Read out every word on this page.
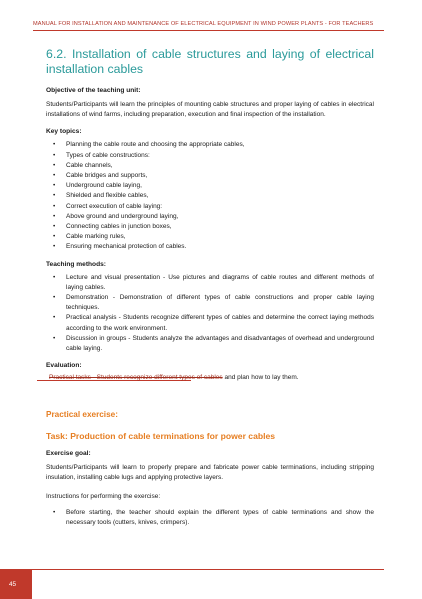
MANUAL FOR INSTALLATION AND MAINTENANCE OF ELECTRICAL EQUIPMENT IN WIND POWER PLANTS - FOR TEACHERS
6.2. Installation of cable structures and laying of electrical installation cables
Objective of the teaching unit:

Students/Participants will learn the principles of mounting cable structures and proper laying of cables in electrical installations of wind farms, including preparation, execution and final inspection of the installation.

Key topics:
• Planning the cable route and choosing the appropriate cables,
• Types of cable constructions:
• Cable channels,
• Cable bridges and supports,
• Underground cable laying,
• Shielded and flexible cables,
• Correct execution of cable laying:
• Above ground and underground laying,
• Connecting cables in junction boxes,
• Cable marking rules,
• Ensuring mechanical protection of cables.
Teaching methods:
• Lecture and visual presentation - Use pictures and diagrams of cable routes and different methods of laying cables.
• Demonstration - Demonstration of different types of cable constructions and proper cable laying techniques.
• Practical analysis - Students recognize different types of cables and determine the correct laying methods according to the work environment.
• Discussion in groups - Students analyze the advantages and disadvantages of overhead and underground cable laying.
Evaluation:
Practical tasks - Students recognize different types of cables and plan how to lay them.
Practical exercise:
Task: Production of cable terminations for power cables
Exercise goal:

Students/Participants will learn to properly prepare and fabricate power cable terminations, including stripping insulation, installing cable lugs and applying protective layers.

Instructions for performing the exercise:

• Before starting, the teacher should explain the different types of cable terminations and show the necessary tools (cutters, knives, crimpers).
45
